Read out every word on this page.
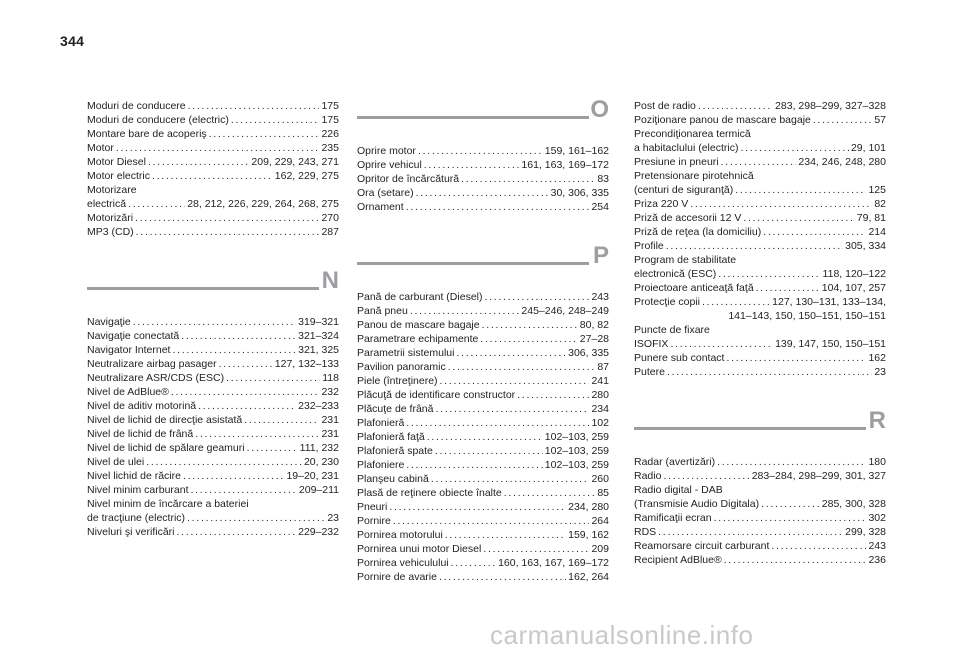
344
Moduri de conducere . . .	175
Moduri de conducere (electric) . . .	175
Montare bare de acoperiş . . .	226
Motor . . .	235
Motor Diesel . . .	209, 229, 243, 271
Motor electric . . .	162, 229, 275
Motorizare
electrică . . .	28, 212, 226, 229, 264, 268, 275
Motorizări . . .	270
MP3 (CD) . . .	287
N
Navigaţie . . .	319–321
Navigaţie conectată . . .	321–324
Navigator Internet . . .	321, 325
Neutralizare airbag pasager . . .	127, 132–133
Neutralizare ASR/CDS (ESC) . . .	118
Nivel de AdBlue® . . .	232
Nivel de aditiv motorină . . .	232–233
Nivel de lichid de direcţie asistată . . .	231
Nivel de lichid de frână . . .	231
Nivel de lichid de spălare geamuri . . .	111, 232
Nivel de ulei . . .	20, 230
Nivel lichid de răcire . . .	19–20, 231
Nivel minim carburant . . .	209–211
Nivel minim de încărcare a bateriei
de tracţiune (electric) . . .	23
Niveluri şi verificări . . .	229–232
O
Oprire motor . . .	159, 161–162
Oprire vehicul . . .	161, 163, 169–172
Opritor de încărcătură . . .	83
Ora (setare) . . .	30, 306, 335
Ornament . . .	254
P
Pană de carburant (Diesel) . . .	243
Pană pneu . . .	245–246, 248–249
Panou de mascare bagaje . . .	80, 82
Parametrare echipamente . . .	27–28
Parametrii sistemului . . .	306, 335
Pavilion panoramic . . .	87
Piele (întreţinere) . . .	241
Plăcuţă de identificare constructor . . .	280
Plăcuţe de frână . . .	234
Plafonieră . . .	102
Plafonieră faţă . . .	102–103, 259
Plafonieră spate . . .	102–103, 259
Plafoniere . . .	102–103, 259
Planşeu cabină . . .	260
Plasă de reţinere obiecte înalte . . .	85
Pneuri . . .	234, 280
Pornire . . .	264
Pornirea motorului . . .	159, 162
Pornirea unui motor Diesel . . .	209
Pornirea vehiculului . . .	160, 163, 167, 169–172
Pornire de avarie . . .	162, 264
Post de radio . . .	283, 298–299, 327–328
Poziţionare panou de mascare bagaje . . .	57
Precondiţionarea termică
a habitaclului (electric) . . .	29, 101
Presiune in pneuri . . .	234, 246, 248, 280
Pretensionare pirotehnică
(centuri de siguranţă) . . .	125
Priza 220 V . . .	82
Priză de accesorii 12 V . . .	79, 81
Priză de reţea (la domiciliu) . . .	214
Profile . . .	305, 334
Program de stabilitate
electronică (ESC) . . .	118, 120–122
Proiectoare anticeaţă faţă . . .	104, 107, 257
Protecţie copii . . .	127, 130–131, 133–134,
141–143, 150, 150–151, 150–151
Puncte de fixare
ISOFIX . . .	139, 147, 150, 150–151
Punere sub contact . . .	162
Putere . . .	23
R
Radar (avertizări) . . .	180
Radio . . .	283–284, 298–299, 301, 327
Radio digital - DAB
(Transmisie Audio Digitala) . . .	285, 300, 328
Ramificaţii ecran . . .	302
RDS . . .	299, 328
Reamorsare circuit carburant . . .	243
Recipient AdBlue® . . .	236
carmanualsonline.info
